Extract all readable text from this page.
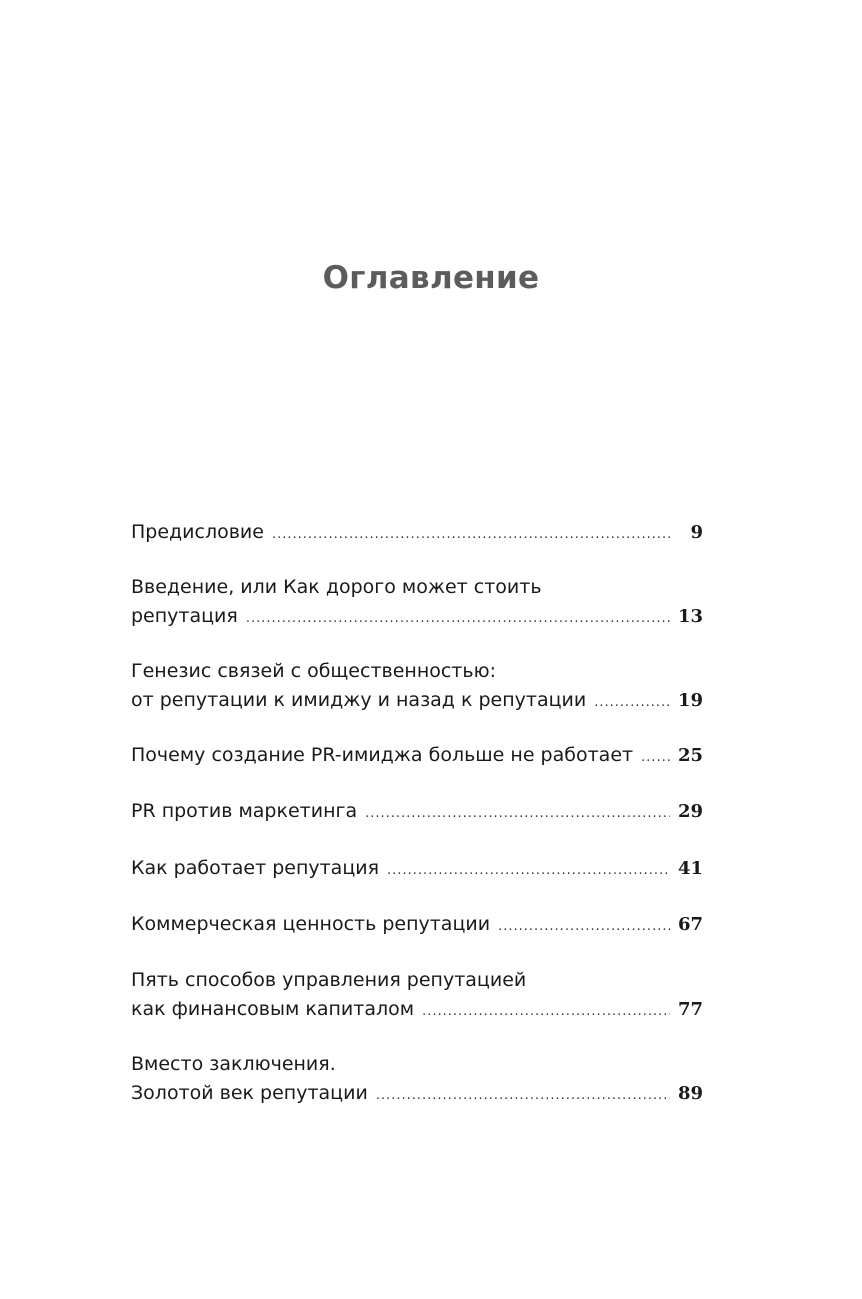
Оглавление
Предисловие .....	9
Введение, или Как дорого может стоить
репутация .....	13
Генезис связей с общественностью:
от репутации к имиджу и назад к репутации .....	19
Почему создание PR-имиджа больше не работает ..... 25
PR против маркетинга .....	29
Как работает репутация .....	41
Коммерческая ценность репутации .....	67
Пять способов управления репутацией
как финансовым капиталом .....	77
Вместо заключения.
Золотой век репутации .....	89
